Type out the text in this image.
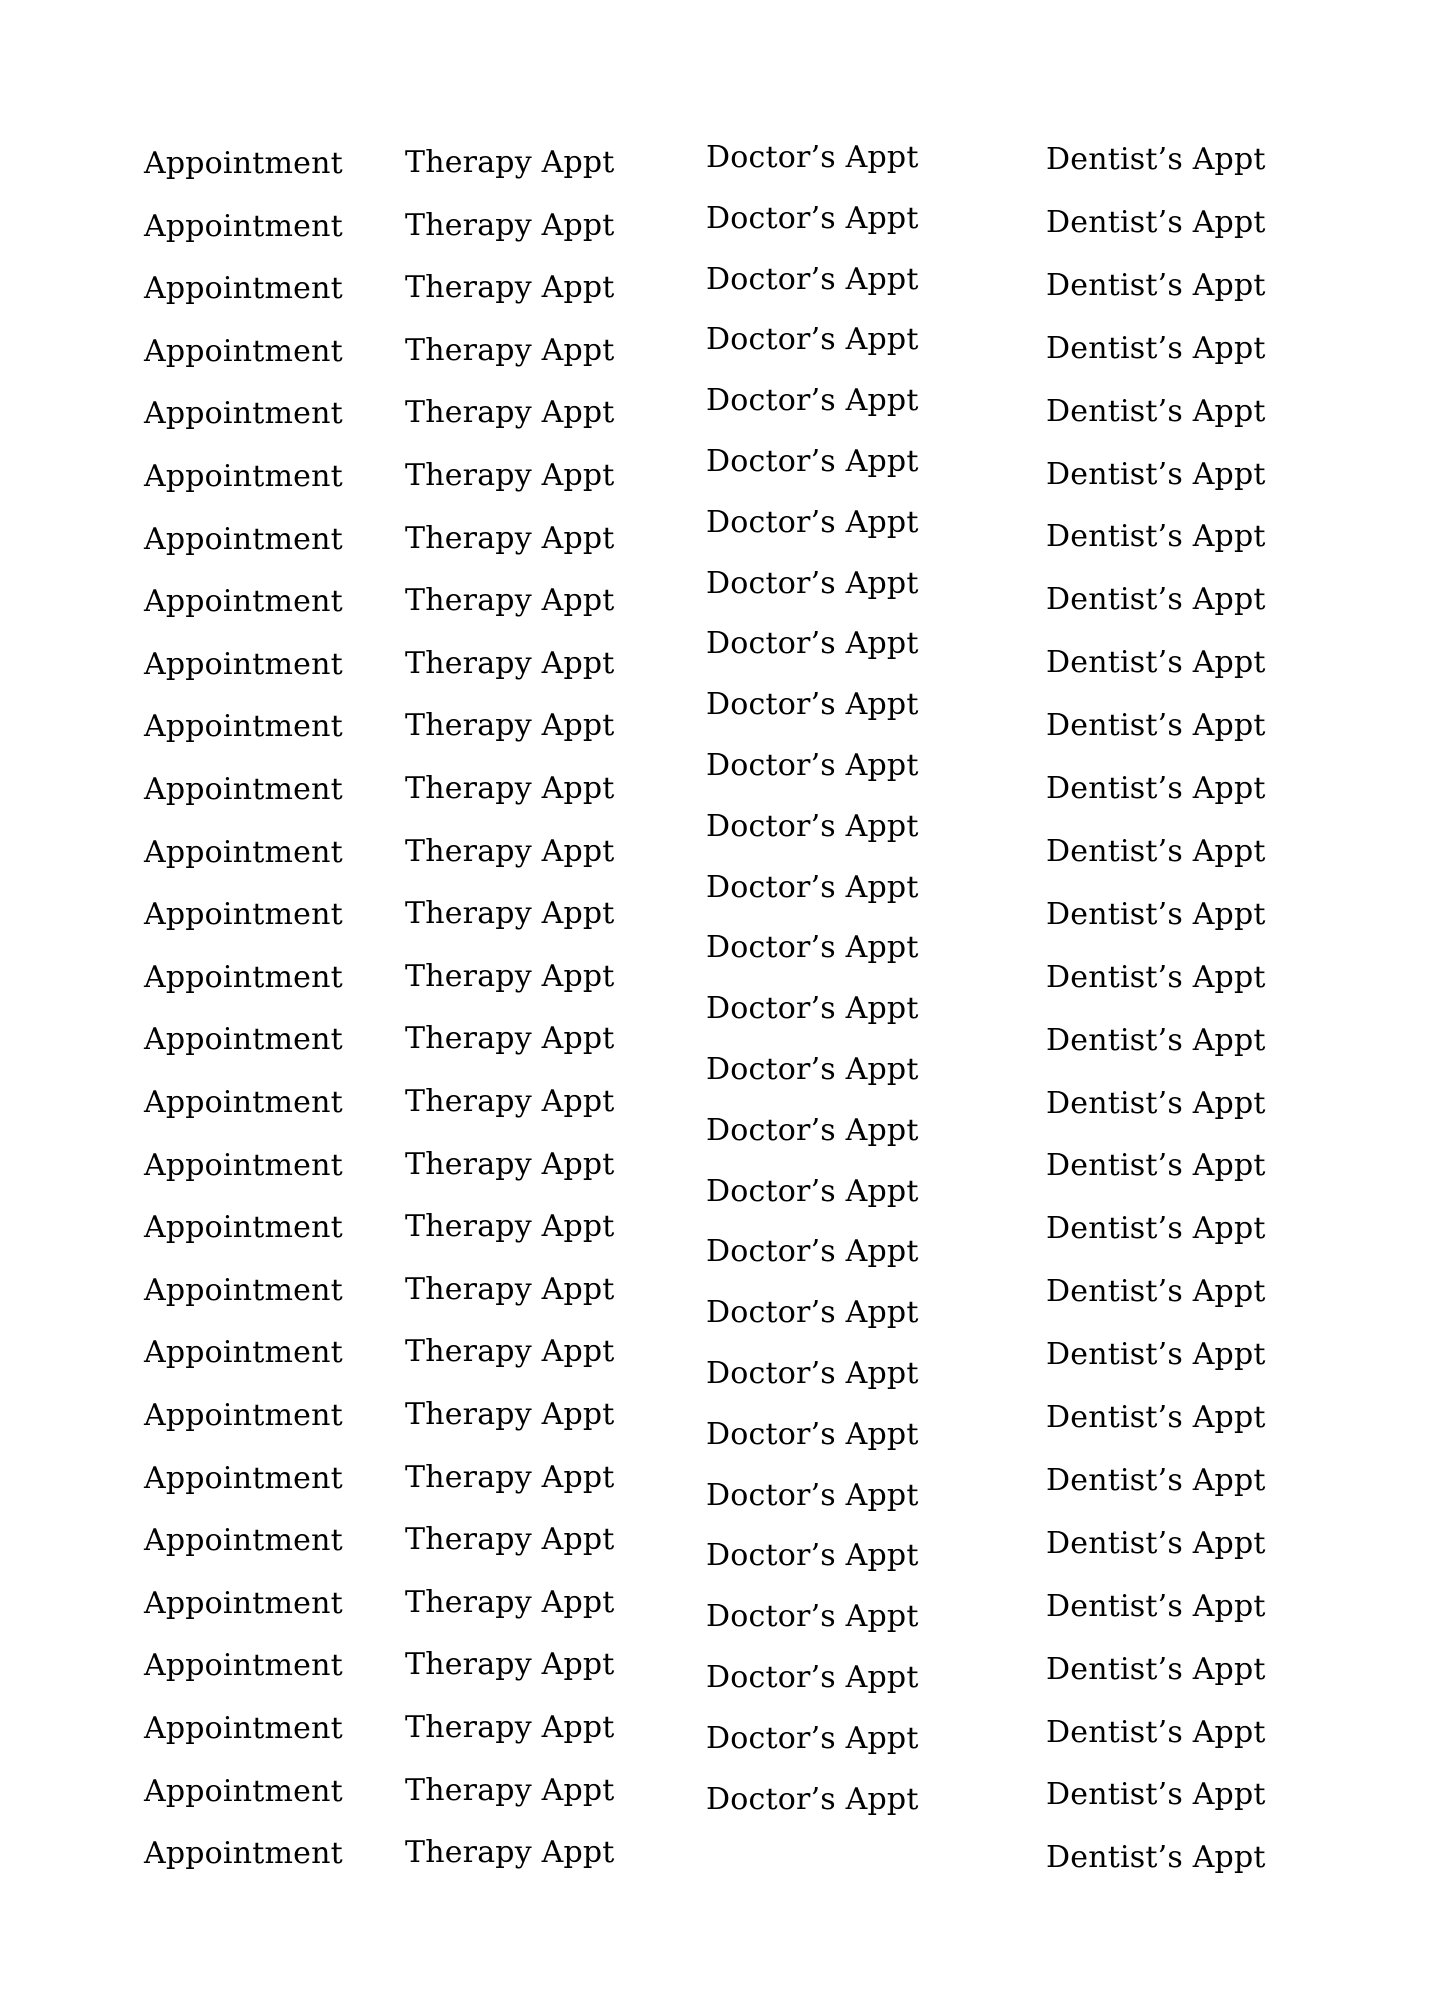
Appointment
Appointment
Appointment
Appointment
Appointment
Appointment
Appointment
Appointment
Appointment
Appointment
Appointment
Appointment
Appointment
Appointment
Appointment
Appointment
Appointment
Appointment
Appointment
Appointment
Appointment
Appointment
Appointment
Appointment
Appointment
Appointment
Appointment
Appointment
Therapy Appt
Therapy Appt
Therapy Appt
Therapy Appt
Therapy Appt
Therapy Appt
Therapy Appt
Therapy Appt
Therapy Appt
Therapy Appt
Therapy Appt
Therapy Appt
Therapy Appt
Therapy Appt
Therapy Appt
Therapy Appt
Therapy Appt
Therapy Appt
Therapy Appt
Therapy Appt
Therapy Appt
Therapy Appt
Therapy Appt
Therapy Appt
Therapy Appt
Therapy Appt
Therapy Appt
Therapy Appt
Doctor’s Appt
Doctor’s Appt
Doctor’s Appt
Doctor’s Appt
Doctor’s Appt
Doctor’s Appt
Doctor’s Appt
Doctor’s Appt
Doctor’s Appt
Doctor’s Appt
Doctor’s Appt
Doctor’s Appt
Doctor’s Appt
Doctor’s Appt
Doctor’s Appt
Doctor’s Appt
Doctor’s Appt
Doctor’s Appt
Doctor’s Appt
Doctor’s Appt
Doctor’s Appt
Doctor’s Appt
Doctor’s Appt
Doctor’s Appt
Doctor’s Appt
Doctor’s Appt
Doctor’s Appt
Doctor’s Appt
Dentist’s Appt
Dentist’s Appt
Dentist’s Appt
Dentist’s Appt
Dentist’s Appt
Dentist’s Appt
Dentist’s Appt
Dentist’s Appt
Dentist’s Appt
Dentist’s Appt
Dentist’s Appt
Dentist’s Appt
Dentist’s Appt
Dentist’s Appt
Dentist’s Appt
Dentist’s Appt
Dentist’s Appt
Dentist’s Appt
Dentist’s Appt
Dentist’s Appt
Dentist’s Appt
Dentist’s Appt
Dentist’s Appt
Dentist’s Appt
Dentist’s Appt
Dentist’s Appt
Dentist’s Appt
Dentist’s Appt
